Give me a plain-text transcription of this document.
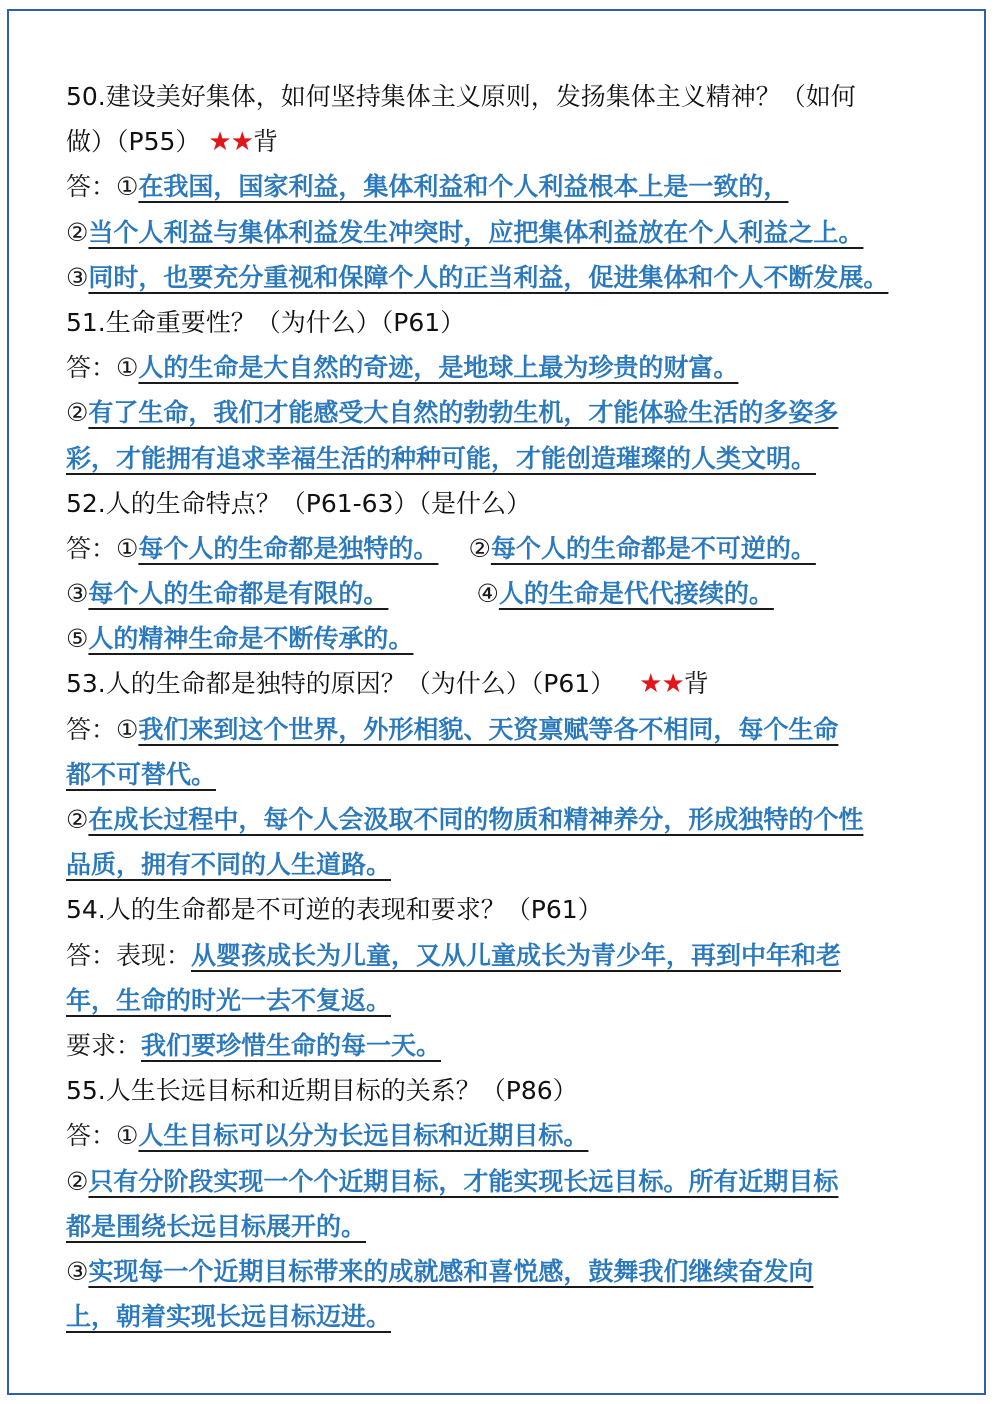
50.建设美好集体，如何坚持集体主义原则，发扬集体主义精神？（如何
做）（P55） ★★背
答：①在我国，国家利益，集体利益和个人利益根本上是一致的，
②当个人利益与集体利益发生冲突时，应把集体利益放在个人利益之上。
③同时，也要充分重视和保障个人的正当利益，促进集体和个人不断发展。
51.生命重要性？（为什么）（P61）
答：①人的生命是大自然的奇迹，是地球上最为珍贵的财富。
②有了生命，我们才能感受大自然的勃勃生机，才能体验生活的多姿多
彩，才能拥有追求幸福生活的种种可能，才能创造璀璨的人类文明。
52.人的生命特点？（P61-63）（是什么）
答：①每个人的生命都是独特的。 ②每个人的生命都是不可逆的。
③每个人的生命都是有限的。	④人的生命是代代接续的。
⑤人的精神生命是不断传承的。
53.人的生命都是独特的原因？（为什么）（P61） ★★背
答：①我们来到这个世界，外形相貌、天资禀赋等各不相同，每个生命
都不可替代。
②在成长过程中，每个人会汲取不同的物质和精神养分，形成独特的个性
品质，拥有不同的人生道路。
54.人的生命都是不可逆的表现和要求？（P61）
答：表现：从婴孩成长为儿童，又从儿童成长为青少年，再到中年和老
年，生命的时光一去不复返。
要求：我们要珍惜生命的每一天。
55.人生长远目标和近期目标的关系？（P86）
答：①人生目标可以分为长远目标和近期目标。
②只有分阶段实现一个个近期目标，才能实现长远目标。所有近期目标
都是围绕长远目标展开的。
③实现每一个近期目标带来的成就感和喜悦感，鼓舞我们继续奋发向
上，朝着实现长远目标迈进。
